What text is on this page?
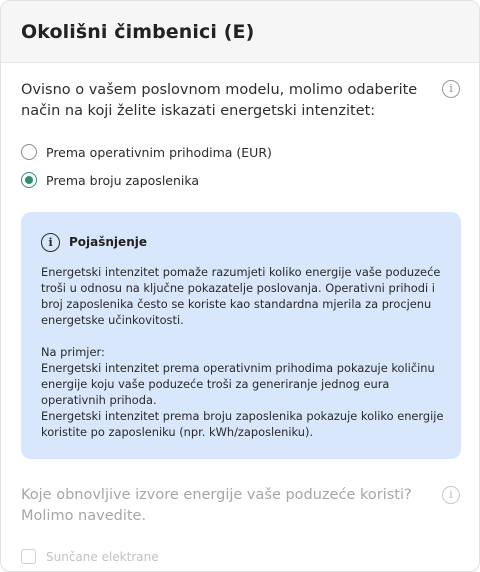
Okolišni čimbenici (E)
Ovisno o vašem poslovnom modelu, molimo odaberite način na koji želite iskazati energetski intenzitet:
i
Prema operativnim prihodima (EUR)
Prema broju zaposlenika
i	Pojašnjenje

Energetski intenzitet pomaže razumjeti koliko energije vaše poduzeće troši u odnosu na ključne pokazatelje poslovanja. Operativni prihodi i broj zaposlenika često se koriste kao standardna mjerila za procjenu energetske učinkovitosti.

Na primjer:

Energetski intenzitet prema operativnim prihodima pokazuje količinu energije koju vaše poduzeće troši za generiranje jednog eura operativnih prihoda.

Energetski intenzitet prema broju zaposlenika pokazuje koliko energije koristite po zaposleniku (npr. kWh/zaposleniku).

Koje obnovljive izvore energije vaše poduzeće koristi? Molimo navedite.
i
Sunčane elektrane
